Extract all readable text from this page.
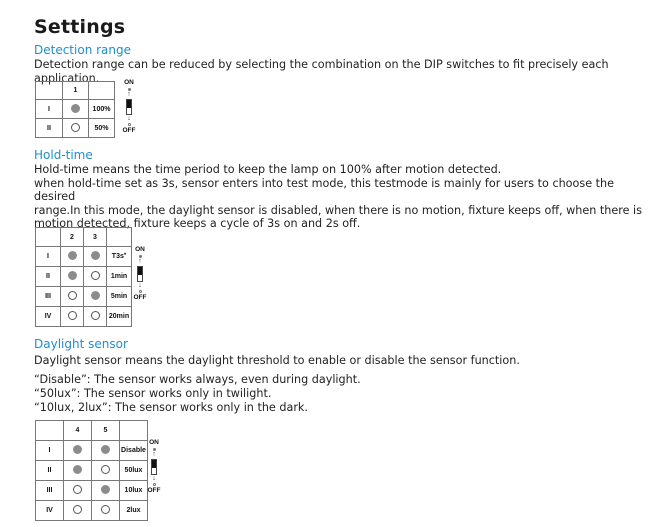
Settings
Detection range
Detection range can be reduced by selecting the combination on the DIP switches to fit precisely each application.
	1	
I		100%
II		50%
ON
↑
↓
OFF
Hold-time
Hold-time means the time period to keep the lamp on 100% after motion detected.
when hold-time set as 3s, sensor enters into test mode, this testmode is mainly for users to choose the desired
range.In this mode, the daylight sensor is disabled, when there is no motion, fixture keeps off, when there is
motion detected, fixture keeps a cycle of 3s on and 2s off.
	2	3	
I			T3s*
II			1min
III			5min
IV			20min
ON
↑
↓
OFF
Daylight sensor
Daylight sensor means the daylight threshold to enable or disable the sensor function.
“Disable”: The sensor works always, even during daylight.
“50lux”: The sensor works only in twilight.
“10lux, 2lux”: The sensor works only in the dark.
	4	5	
I			Disable
II			50lux
III			10lux
IV			2lux
ON
↑
↓
OFF
